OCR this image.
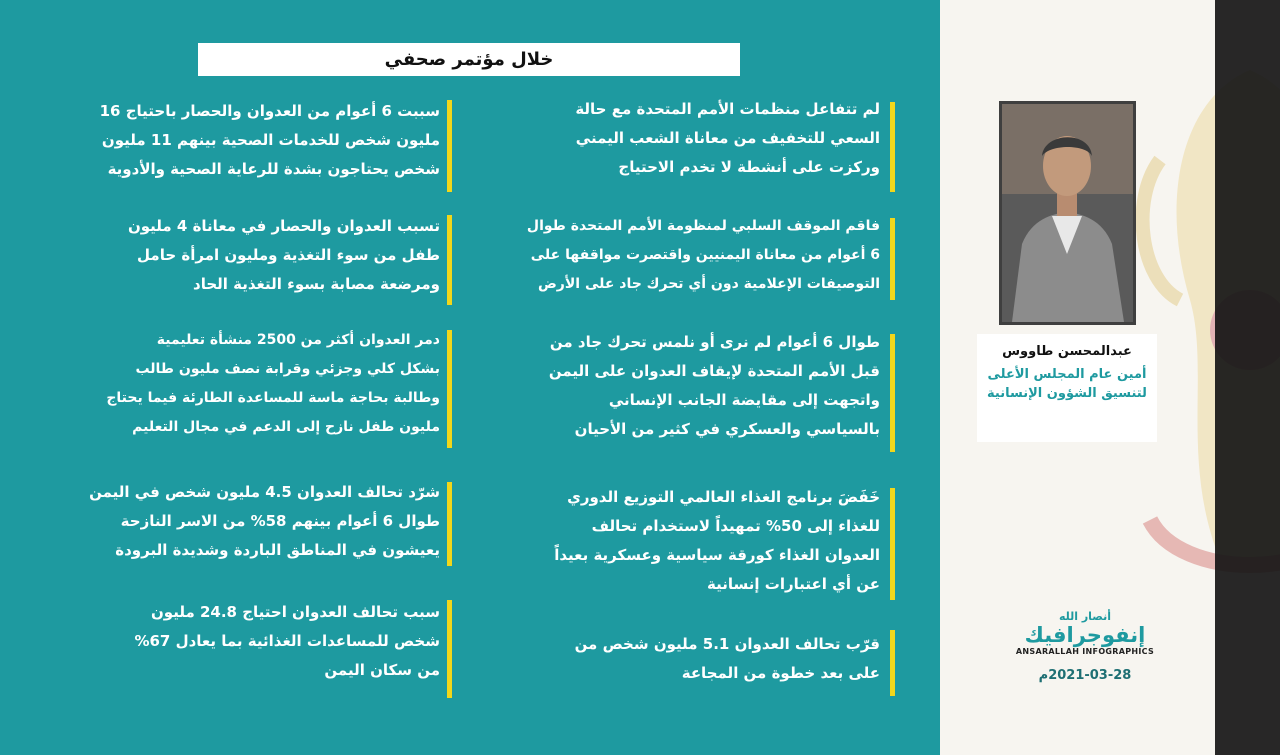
خلال مؤتمر صحفي

لم تتفاعل منظمات الأمم المتحدة مع حالة

السعي للتخفيف من معاناة الشعب اليمني

وركزت على أنشطة لا تخدم الاحتياج

فاقم الموقف السلبي لمنظومة الأمم المتحدة طوال

6 أعوام من معاناة اليمنيين واقتصرت مواقفها على

التوصيفات الإعلامية دون أي تحرك جاد على الأرض

طوال 6 أعوام لم نرى أو نلمس تحرك جاد من

قبل الأمم المتحدة لإيقاف العدوان على اليمن

واتجهت إلى مقايضة الجانب الإنساني

بالسياسي والعسكري في كثير من الأحيان

خَفَضَ برنامج الغذاء العالمي التوزيع الدوري

للغذاء إلى 50% تمهيداً لاستخدام تحالف

العدوان الغذاء كورقة سياسية وعسكرية بعيداً

عن أي اعتبارات إنسانية

قرّب تحالف العدوان 5.1 مليون شخص من

على بعد خطوة من المجاعة

سببت 6 أعوام من العدوان والحصار باحتياج 16

مليون شخص للخدمات الصحية بينهم 11 مليون

شخص يحتاجون بشدة للرعاية الصحية والأدوية

تسبب العدوان والحصار في معاناة 4 مليون

طفل من سوء التغذية ومليون امرأة حامل

ومرضعة مصابة بسوء التغذية الحاد

دمر العدوان أكثر من 2500 منشأة تعليمية

بشكل كلي وجزئي وقرابة نصف مليون طالب

وطالبة بحاجة ماسة للمساعدة الطارئة فيما يحتاج

مليون طفل نازح إلى الدعم في مجال التعليم

شرّد تحالف العدوان 4.5 مليون شخص في اليمن

طوال 6 أعوام بينهم 58% من الاسر النازحة

يعيشون في المناطق الباردة وشديدة البرودة

سبب تحالف العدوان احتياج 24.8 مليون

شخص للمساعدات الغذائية بما يعادل 67%

من سكان اليمن

عبدالمحسن طاووس
أمين عام المجلس الأعلى
لتنسيق الشؤون الإنسانية
أنصار الله
إنفوجرافيك
ANSARALLAH INFOGRAPHICS
2021-03-28م
